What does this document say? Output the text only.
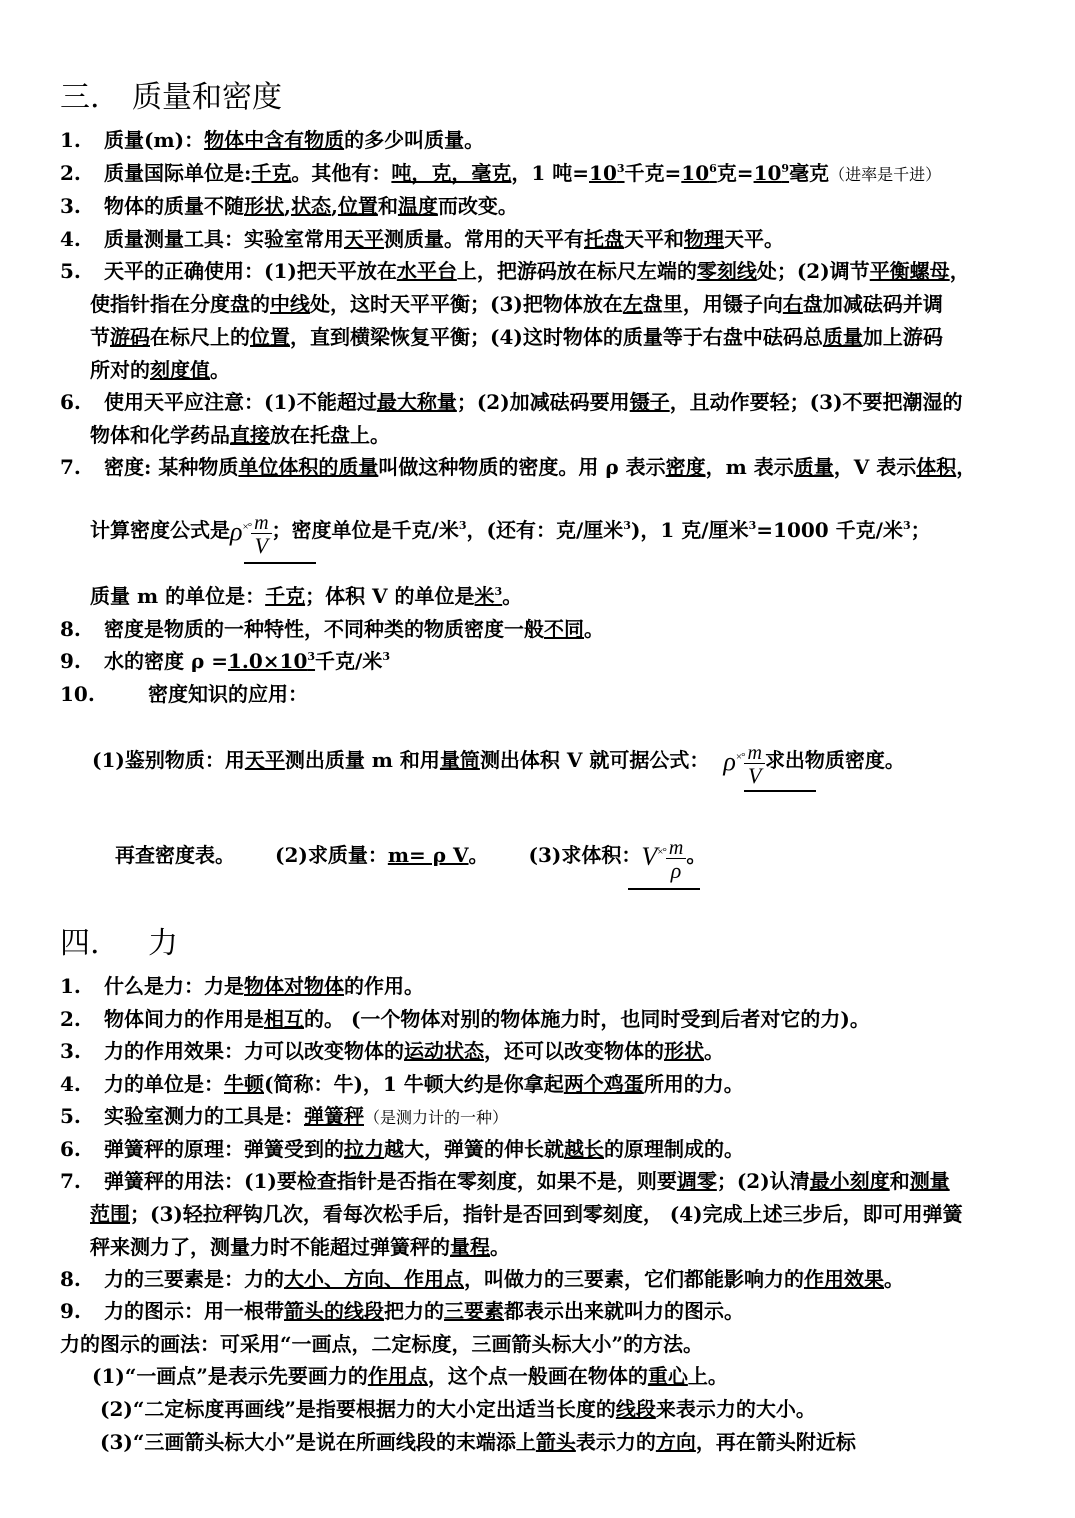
三. 质量和密度
1. 质量(m)：物体中含有物质的多少叫质量。
2. 质量国际单位是:千克。其他有：吨，克，毫克，1 吨$=10^3$千克$=10^6$克$=10^9$毫克（进率是千进）
3. 物体的质量不随形状,状态,位置和温度而改变。
4. 质量测量工具：实验室常用天平测质量。常用的天平有托盘天平和物理天平。
5. 天平的正确使用：(1)把天平放在水平台上，把游码放在标尺左端的零刻线处；(2)调节平衡螺母，
使指针指在分度盘的中线处，这时天平平衡；(3)把物体放在左盘里，用镊子向右盘加减砝码并调
节游码在标尺上的位置，直到横梁恢复平衡；(4)这时物体的质量等于右盘中砝码总质量加上游码
所对的刻度值。
6. 使用天平应注意：(1)不能超过最大称量；(2)加减砝码要用镊子，且动作要轻；(3)不要把潮湿的
物体和化学药品直接放在托盘上。
7. 密度: 某种物质单位体积的质量叫做这种物质的密度。用 ρ 表示密度，m 表示质量，V 表示体积，
计算密度公式是$\rho^{\times^\circ} \frac{m}{V}$ ；密度单位是千克/米$^3$，(还有：克/厘米$^3$)，1 克/厘米$^3$=1000 千克/米$^3$；
质量 m 的单位是：千克；体积 V 的单位是米$^3$。
8. 密度是物质的一种特性，不同种类的物质密度一般不同。
9. 水的密度 $\rho =1.0\times 10^3$千克/米$^3$
10.	密度知识的应用：
(1)鉴别物质：用天平测出质量 m 和用量筒测出体积 V 就可据公式： $\rho^{\times^\circ} \frac{m}{V}$ 求出物质密度。
再查密度表。 (2)求质量：m= ρ V。 (3)求体积：$V^{\times^\circ} \frac{m}{\rho}$ 。
四. 力
1. 什么是力：力是物体对物体的作用。
2. 物体间力的作用是相互的。 (一个物体对别的物体施力时，也同时受到后者对它的力)。
3. 力的作用效果：力可以改变物体的运动状态，还可以改变物体的形状。
4. 力的单位是：牛顿(简称：牛)，1 牛顿大约是你拿起两个鸡蛋所用的力。
5. 实验室测力的工具是：弹簧秤（是测力计的一种）
6. 弹簧秤的原理：弹簧受到的拉力越大，弹簧的伸长就越长的原理制成的。
7. 弹簧秤的用法：(1)要检查指针是否指在零刻度，如果不是，则要调零；(2)认清最小刻度和测量
范围；(3)轻拉秤钩几次，看每次松手后，指针是否回到零刻度， (4)完成上述三步后，即可用弹簧
秤来测力了，测量力时不能超过弹簧秤的量程。
8. 力的三要素是：力的大小、方向、作用点，叫做力的三要素，它们都能影响力的作用效果。
9. 力的图示：用一根带箭头的线段把力的三要素都表示出来就叫力的图示。
力的图示的画法：可采用“一画点，二定标度，三画箭头标大小”的方法。
(1)“一画点”是表示先要画力的作用点，这个点一般画在物体的重心上。
(2)“二定标度再画线”是指要根据力的大小定出适当长度的线段来表示力的大小。
(3)“三画箭头标大小”是说在所画线段的末端添上箭头表示力的方向，再在箭头附近标
